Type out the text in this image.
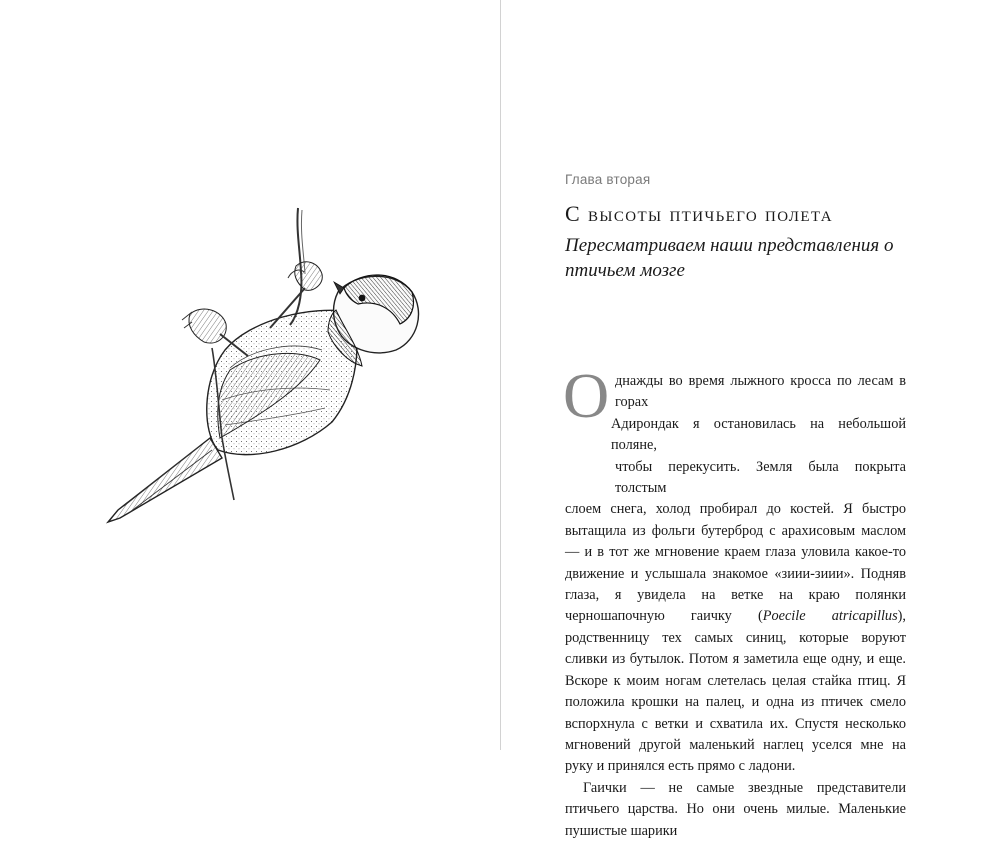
Глава вторая
С высоты птичьего полета
Пересматриваем наши представления о птичьем мозге
О днажды во время лыжного кросса по лесам в горах
Адирондак я остановилась на небольшой поляне,
чтобы перекусить. Земля была покрыта толстым
слоем снега, холод пробирал до костей. Я быстро вытащила из фольги бутерброд с арахисовым маслом — и в тот же мгновение краем глаза уловила какое-то движение и услышала знакомое «зиии-зиии». Подняв глаза, я увидела на ветке на краю полянки черношапочную гаичку (Poecile atricapillus), родственницу тех самых синиц, которые воруют сливки из бутылок. Потом я заметила еще одну, и еще. Вскоре к моим ногам слетелась целая стайка птиц. Я положила крошки на палец, и одна из птичек смело вспорхнула с ветки и схватила их. Спустя несколько мгновений другой маленький наглец уселся мне на руку и принялся есть прямо с ладони.

Гаички — не самые звездные представители птичьего царства. Но они очень милые. Маленькие пушистые шарики
